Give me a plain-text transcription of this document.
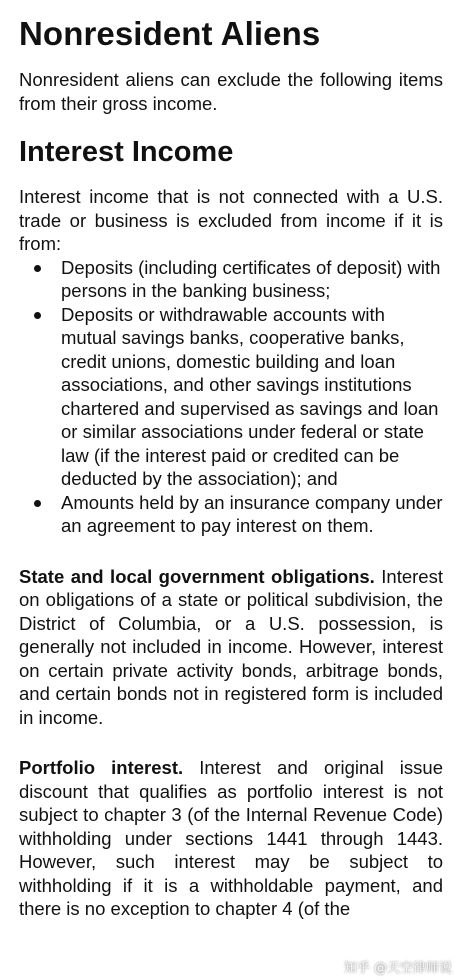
Nonresident Aliens

Nonresident aliens can exclude the following items from their gross income.

Interest Income

Interest income that is not connected with a U.S. trade or business is excluded from income if it is from:

Deposits (including certificates of deposit) with persons in the banking business;
Deposits or withdrawable accounts with mutual savings banks, cooperative banks, credit unions, domestic building and loan associations, and other savings institutions chartered and supervised as savings and loan or similar associations under federal or state law (if the interest paid or credited can be deducted by the association); and
Amounts held by an insurance company under an agreement to pay interest on them.

State and local government obligations. Interest on obligations of a state or political subdivision, the District of Columbia, or a U.S. possession, is generally not included in income. However, interest on certain private activity bonds, arbitrage bonds, and certain bonds not in registered form is included in income.

Portfolio interest. Interest and original issue discount that qualifies as portfolio interest is not subject to chapter 3 (of the Internal Revenue Code) withholding under sections 1441 through 1443. However, such interest may be subject to withholding if it is a withholdable payment, and there is no exception to chapter 4 (of the

知乎 @天空律师说
